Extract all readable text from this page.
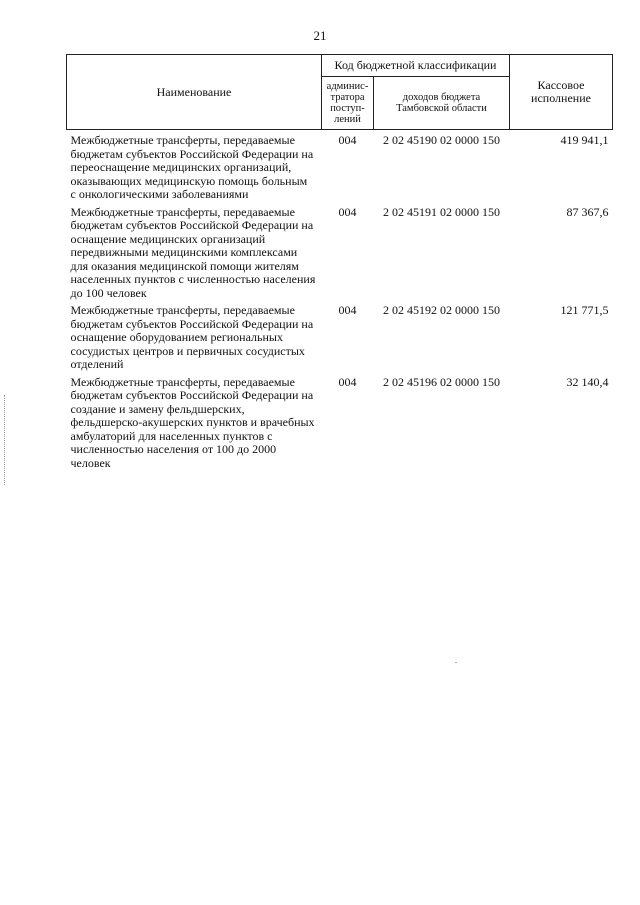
21
Наименование	Код бюджетной классификации		Кассовое исполнение
	админис-тратора поступ-лений	доходов бюджета Тамбовской области	
Межбюджетные трансферты, передаваемые бюджетам субъектов Российской Федерации на переоснащение медицинских организаций, оказывающих медицинскую помощь больным с онкологическими заболеваниями	004	2 02 45190 02 0000 150	419 941,1
Межбюджетные трансферты, передаваемые бюджетам субъектов Российской Федерации на оснащение медицинских организаций передвижными медицинскими комплексами для оказания медицинской помощи жителям населенных пунктов с численностью населения до 100 человек	004	2 02 45191 02 0000 150	87 367,6
Межбюджетные трансферты, передаваемые бюджетам субъектов Российской Федерации на оснащение оборудованием региональных сосудистых центров и первичных сосудистых отделений	004	2 02 45192 02 0000 150	121 771,5
Межбюджетные трансферты, передаваемые бюджетам субъектов Российской Федерации на создание и замену фельдшерских, фельдшерско-акушерских пунктов и врачебных амбулаторий для населенных пунктов с численностью населения от 100 до 2000 человек	004	2 02 45196 02 0000 150	32 140,4
